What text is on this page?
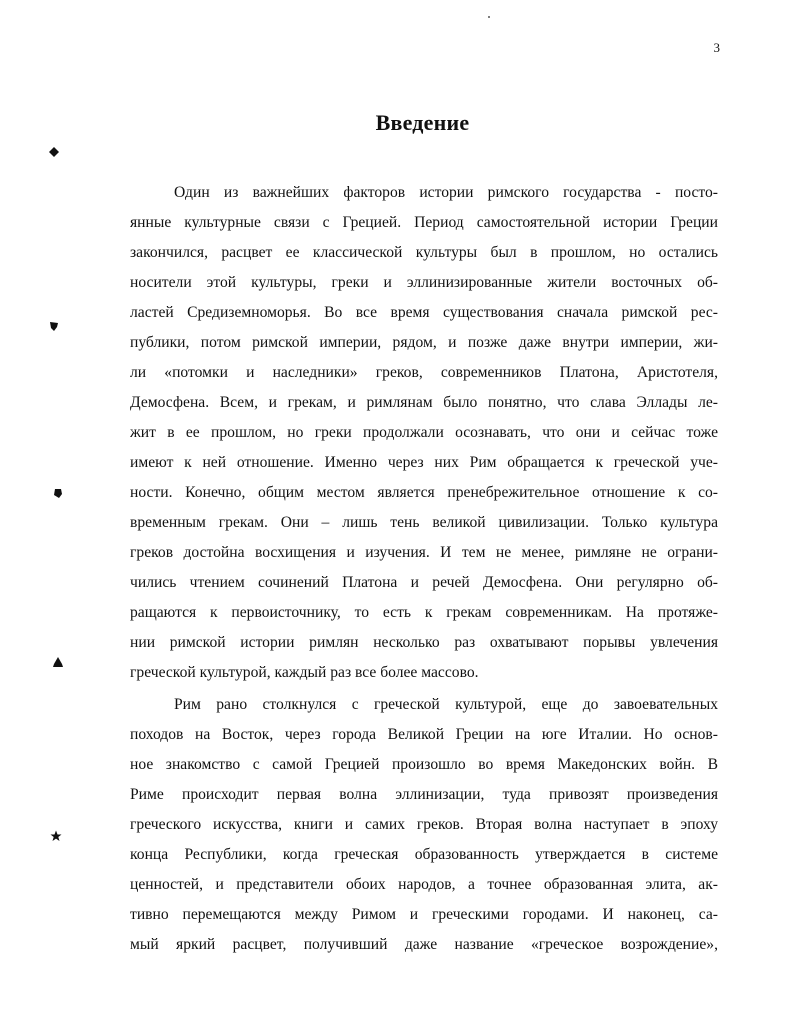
3
Введение
Один из важнейших факторов истории римского государства - посто-
янные культурные связи с Грецией. Период самостоятельной истории Греции
закончился, расцвет ее классической культуры был в прошлом, но остались
носители этой культуры, греки и эллинизированные жители восточных об-
ластей Средиземноморья. Во все время существования сначала римской рес-
публики, потом римской империи, рядом, и позже даже внутри империи, жи-
ли «потомки и наследники» греков, современников Платона, Аристотеля,
Демосфена. Всем, и грекам, и римлянам было понятно, что слава Эллады ле-
жит в ее прошлом, но греки продолжали осознавать, что они и сейчас тоже
имеют к ней отношение. Именно через них Рим обращается к греческой уче-
ности. Конечно, общим местом является пренебрежительное отношение к со-
временным грекам. Они – лишь тень великой цивилизации. Только культура
греков достойна восхищения и изучения. И тем не менее, римляне не ограни-
чились чтением сочинений Платона и речей Демосфена. Они регулярно об-
ращаются к первоисточнику, то есть к грекам современникам. На протяже-
нии римской истории римлян несколько раз охватывают порывы увлечения
греческой культурой, каждый раз все более массово.
Рим рано столкнулся с греческой культурой, еще до завоевательных
походов на Восток, через города Великой Греции на юге Италии. Но основ-
ное знакомство с самой Грецией произошло во время Македонских войн. В
Риме происходит первая волна эллинизации, туда привозят произведения
греческого искусства, книги и самих греков. Вторая волна наступает в эпоху
конца Республики, когда греческая образованность утверждается в системе
ценностей, и представители обоих народов, а точнее образованная элита, ак-
тивно перемещаются между Римом и греческими городами. И наконец, са-
мый яркий расцвет, получивший даже название «греческое возрождение»,
